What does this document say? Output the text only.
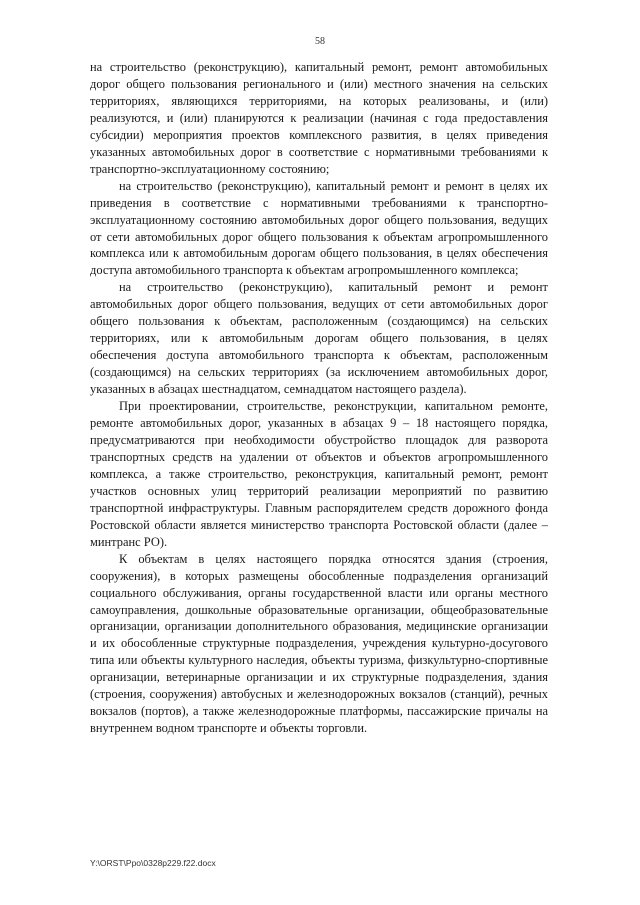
58

на строительство (реконструкцию), капитальный ремонт, ремонт автомобильных дорог общего пользования регионального и (или) местного значения на сельских территориях, являющихся территориями, на которых реализованы, и (или) реализуются, и (или) планируются к реализации (начиная с года предоставления субсидии) мероприятия проектов комплексного развития, в целях приведения указанных автомобильных дорог в соответствие с нормативными требованиями к транспортно-эксплуатационному состоянию;

на строительство (реконструкцию), капитальный ремонт и ремонт в целях их приведения в соответствие с нормативными требованиями к транспортно-эксплуатационному состоянию автомобильных дорог общего пользования, ведущих от сети автомобильных дорог общего пользования к объектам агропромышленного комплекса или к автомобильным дорогам общего пользования, в целях обеспечения доступа автомобильного транспорта к объектам агропромышленного комплекса;

на строительство (реконструкцию), капитальный ремонт и ремонт автомобильных дорог общего пользования, ведущих от сети автомобильных дорог общего пользования к объектам, расположенным (создающимся) на сельских территориях, или к автомобильным дорогам общего пользования, в целях обеспечения доступа автомобильного транспорта к объектам, расположенным (создающимся) на сельских территориях (за исключением автомобильных дорог, указанных в абзацах шестнадцатом, семнадцатом настоящего раздела).

При проектировании, строительстве, реконструкции, капитальном ремонте, ремонте автомобильных дорог, указанных в абзацах 9 – 18 настоящего порядка, предусматриваются при необходимости обустройство площадок для разворота транспортных средств на удалении от объектов и объектов агропромышленного комплекса, а также строительство, реконструкция, капитальный ремонт, ремонт участков основных улиц территорий реализации мероприятий по развитию транспортной инфраструктуры. Главным распорядителем средств дорожного фонда Ростовской области является министерство транспорта Ростовской области (далее – минтранс РО).

К объектам в целях настоящего порядка относятся здания (строения, сооружения), в которых размещены обособленные подразделения организаций социального обслуживания, органы государственной власти или органы местного самоуправления, дошкольные образовательные организации, общеобразовательные организации, организации дополнительного образования, медицинские организации и их обособленные структурные подразделения, учреждения культурно-досугового типа или объекты культурного наследия, объекты туризма, физкультурно-спортивные организации, ветеринарные организации и их структурные подразделения, здания (строения, сооружения) автобусных и железнодорожных вокзалов (станций), речных вокзалов (портов), а также железнодорожные платформы, пассажирские причалы на внутреннем водном транспорте и объекты торговли.

Y:\ORST\Ppo\0328p229.f22.docx
